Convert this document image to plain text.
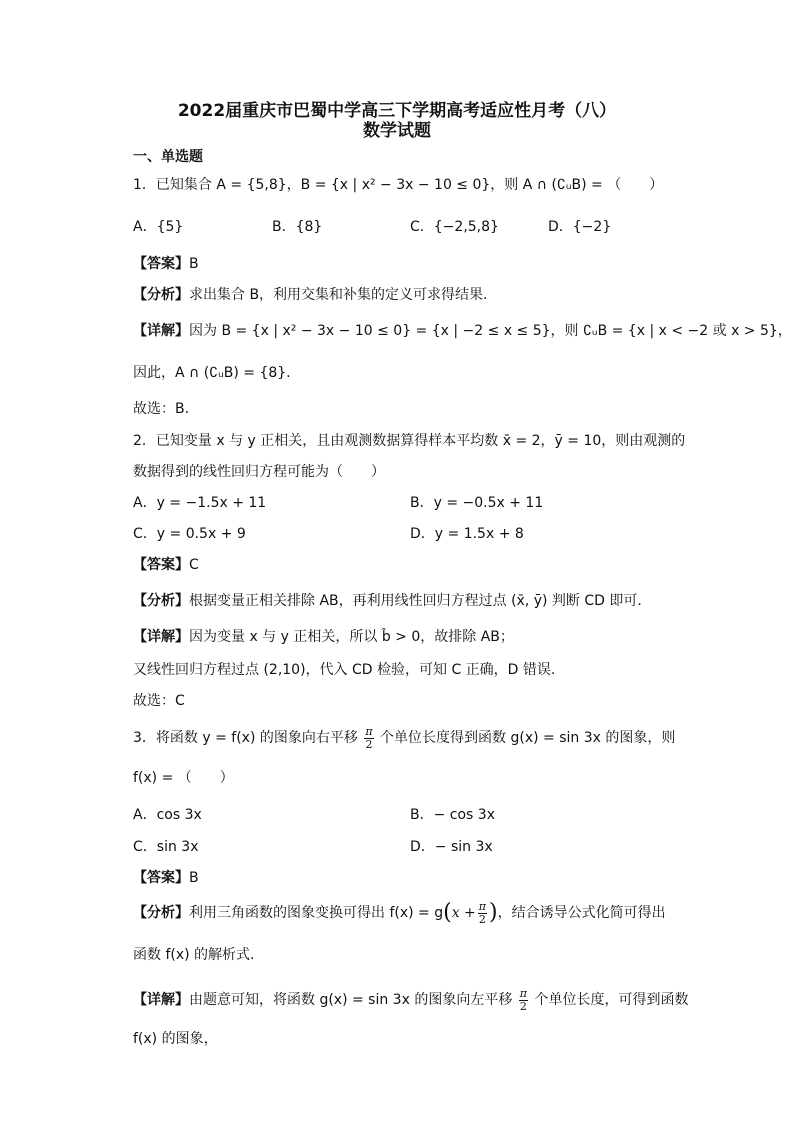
2022届重庆市巴蜀中学高三下学期高考适应性月考（八）
数学试题
一、单选题
1．已知集合 A = {5,8}，B = {x | x² − 3x − 10 ≤ 0}，则 A ∩ (∁ᵤB) = （　　）
A．{5}	B．{8}	C．{−2,5,8}	D．{−2}
【答案】B
【分析】求出集合 B，利用交集和补集的定义可求得结果.
【详解】因为 B = {x | x² − 3x − 10 ≤ 0} = {x | −2 ≤ x ≤ 5}，则 ∁ᵤB = {x | x < −2 或 x > 5}，
因此，A ∩ (∁ᵤB) = {8}.
故选：B.
2．已知变量 x 与 y 正相关，且由观测数据算得样本平均数 x̄ = 2，ȳ = 10，则由观测的
数据得到的线性回归方程可能为（　　）
A．y = −1.5x + 11	B．y = −0.5x + 11
C．y = 0.5x + 9	D．y = 1.5x + 8
【答案】C
【分析】根据变量正相关排除 AB，再利用线性回归方程过点 (x̄, ȳ) 判断 CD 即可.
【详解】因为变量 x 与 y 正相关，所以 b̂ > 0，故排除 AB；
又线性回归方程过点 (2,10)，代入 CD 检验，可知 C 正确，D 错误.
故选：C
3．将函数 y = f(x) 的图象向右平移 $\frac{\pi}{2}$ 个单位长度得到函数 g(x) = sin 3x 的图象，则
f(x) = （　　）
A．cos 3x	B．− cos 3x
C．sin 3x	D．− sin 3x
【答案】B
【分析】利用三角函数的图象变换可得出 $f(x) = g(x + \frac{\pi}{2}$ )，结合诱导公式化简可得出
函数 f(x) 的解析式.
【详解】由题意可知，将函数 g(x) = sin 3x 的图象向左平移 $\frac{\pi}{2}$ 个单位长度，可得到函数
f(x) 的图象，
